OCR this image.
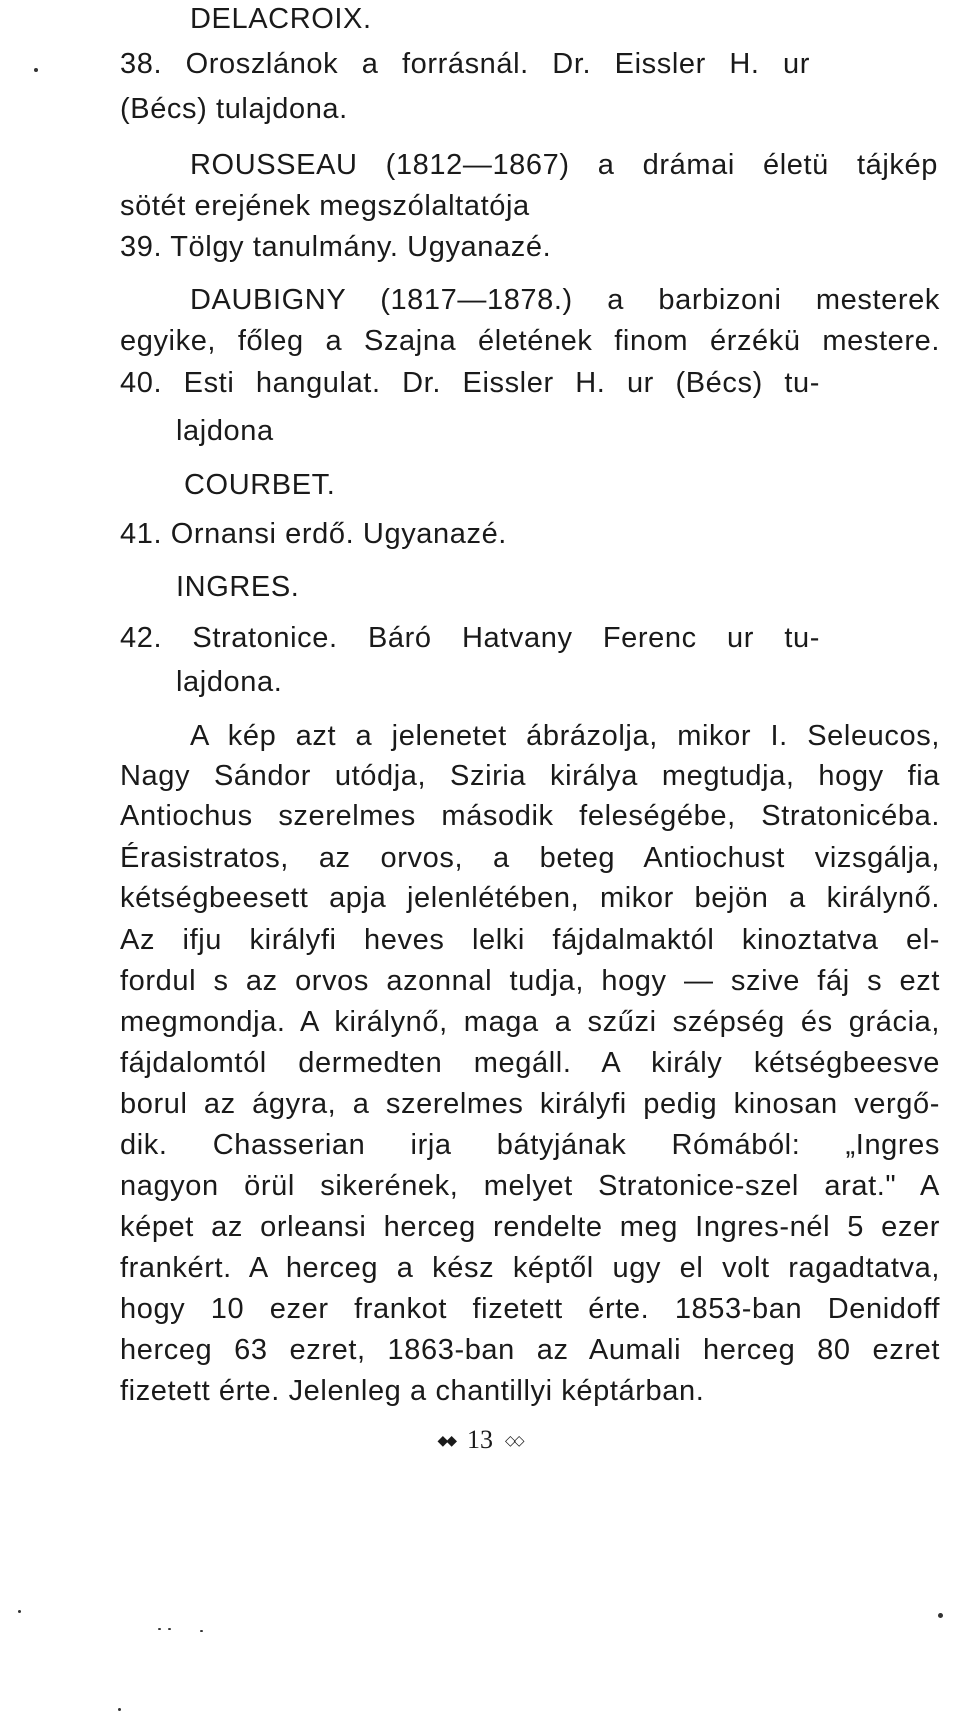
DELACROIX.
38. Oroszlánok a forrásnál. Dr. Eissler H. ur
(Bécs) tulajdona.
ROUSSEAU (1812—1867) a drámai életü tájkép
sötét erejének megszólaltatója
39. Tölgy tanulmány. Ugyanazé.
DAUBIGNY (1817—1878.) a barbizoni mesterek
egyike, főleg a Szajna életének finom érzékü mestere.
40. Esti hangulat. Dr. Eissler H. ur (Bécs) tu-
lajdona
COURBET.
41. Ornansi erdő. Ugyanazé.
INGRES.
42. Stratonice. Báró Hatvany Ferenc ur tu-
lajdona.
A kép azt a jelenetet ábrázolja, mikor I. Seleucos,
Nagy Sándor utódja, Sziria királya megtudja, hogy fia
Antiochus szerelmes második feleségébe, Stratonicéba.
Érasistratos, az orvos, a beteg Antiochust vizsgálja,
kétségbeesett apja jelenlétében, mikor bejön a királynő.
Az ifju királyfi heves lelki fájdalmaktól kinoztatva el-
fordul s az orvos azonnal tudja, hogy — szive fáj s ezt
megmondja. A királynő, maga a szűzi szépség és grácia,
fájdalomtól dermedten megáll. A király kétségbeesve
borul az ágyra, a szerelmes királyfi pedig kinosan vergő-
dik. Chasserian irja bátyjának Rómából: „Ingres
nagyon örül sikerének, melyet Stratonice-szel arat." A
képet az orleansi herceg rendelte meg Ingres-nél 5 ezer
frankért. A herceg a kész képtől ugy el volt ragadtatva,
hogy 10 ezer frankot fizetett érte. 1853-ban Denidoff
herceg 63 ezret, 1863-ban az Aumali herceg 80 ezret
fizetett érte. Jelenleg a chantillyi képtárban.
◆◆ 13 ◇◇
